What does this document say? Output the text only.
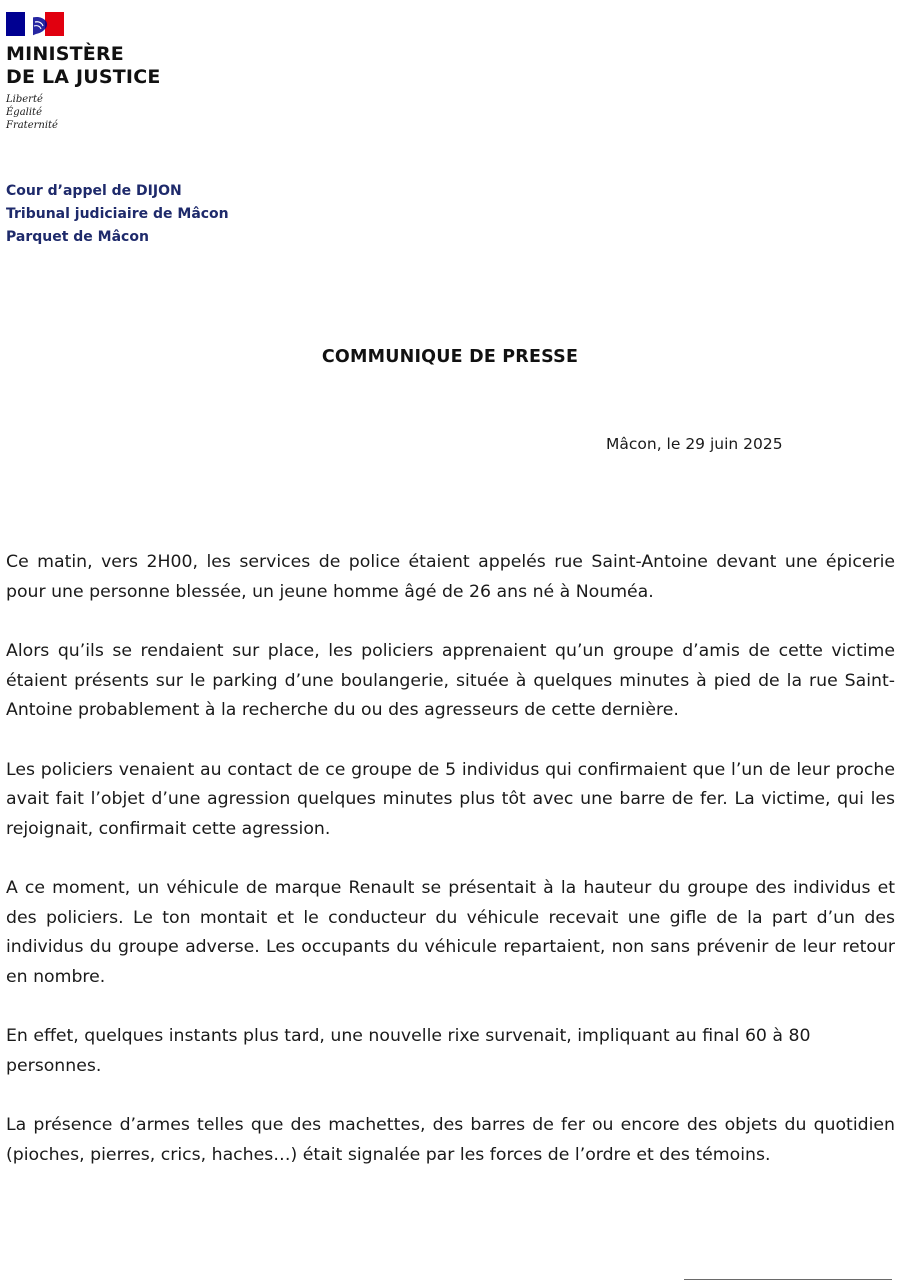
MINISTÈRE
DE LA JUSTICE
Liberté
Égalité
Fraternité
Cour d’appel de DIJON
Tribunal judiciaire de Mâcon
Parquet de Mâcon
COMMUNIQUE DE PRESSE
Mâcon, le 29 juin 2025

Ce matin, vers 2H00, les services de police étaient appelés rue Saint-Antoine devant une épicerie pour une personne blessée, un jeune homme âgé de 26 ans né à Nouméa.

Alors qu’ils se rendaient sur place, les policiers apprenaient qu’un groupe d’amis de cette victime étaient présents sur le parking d’une boulangerie, située à quelques minutes à pied de la rue Saint-Antoine probablement à la recherche du ou des agresseurs de cette dernière.

Les policiers venaient au contact de ce groupe de 5 individus qui confirmaient que l’un de leur proche avait fait l’objet d’une agression quelques minutes plus tôt avec une barre de fer. La victime, qui les rejoignait, confirmait cette agression.

A ce moment, un véhicule de marque Renault se présentait à la hauteur du groupe des individus et des policiers. Le ton montait et le conducteur du véhicule recevait une gifle de la part d’un des individus du groupe adverse. Les occupants du véhicule repartaient, non sans prévenir de leur retour en nombre.

En effet, quelques instants plus tard, une nouvelle rixe survenait, impliquant au final 60 à 80 personnes.

La présence d’armes telles que des machettes, des barres de fer ou encore des objets du quotidien (pioches, pierres, crics, haches…) était signalée par les forces de l’ordre et des témoins.
